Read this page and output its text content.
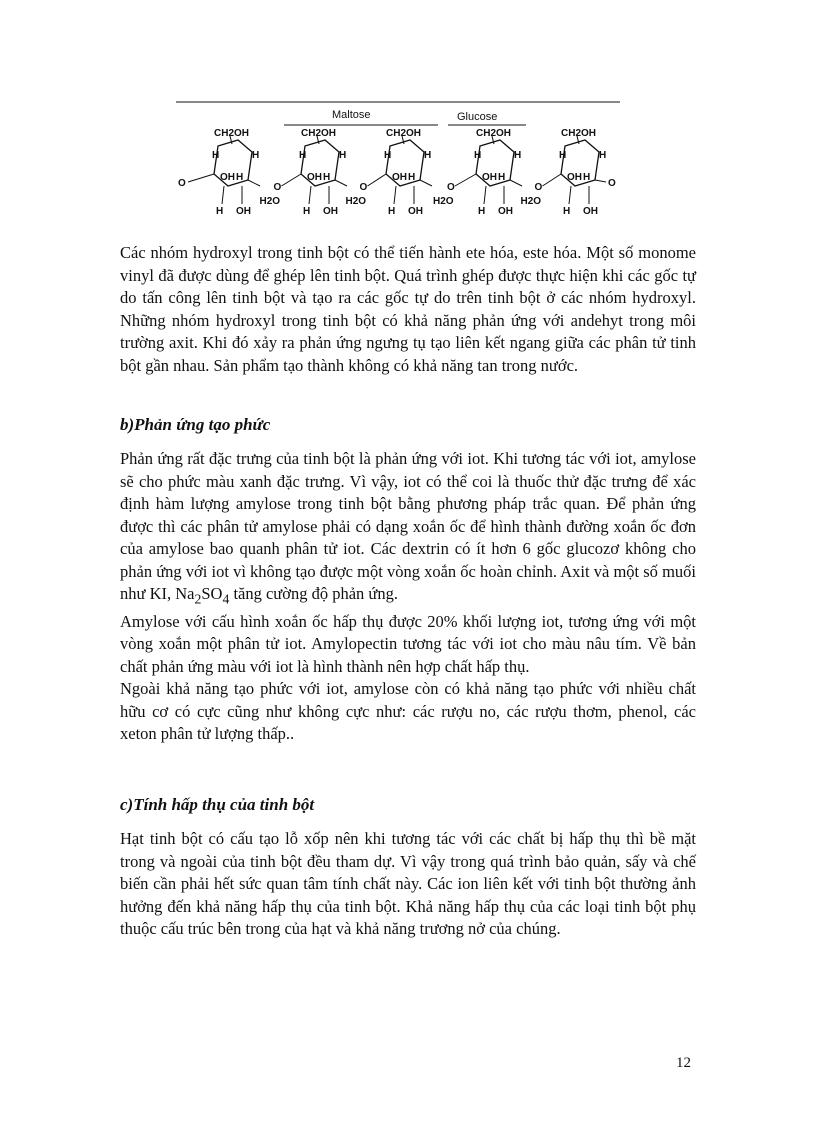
Maltose	Glucose
CH2OH
H	H
OH H
H OH
O
H2O
CH2OH
H	H
OH H
H OH
O
H2O
CH2OH
H	H
OH H
H OH
O
H2O
CH2OH
H	H
OH H
H OH
O
H2O
CH2OH
H	H
OH H
H OH
O	O

Các nhóm hydroxyl trong tinh bột có thể tiến hành ete hóa, este hóa. Một số monome vinyl đã được dùng để ghép lên tinh bột. Quá trình ghép được thực hiện khi các gốc tự do tấn công lên tinh bột và tạo ra các gốc tự do trên tinh bột ở các nhóm hydroxyl. Những nhóm hydroxyl trong tinh bột có khả năng phản ứng với andehyt trong môi trường axit. Khi đó xảy ra phản ứng ngưng tụ tạo liên kết ngang giữa các phân tử tinh bột gần nhau. Sản phẩm tạo thành không có khả năng tan trong nước.

b)Phản ứng tạo phức

Phản ứng rất đặc trưng của tinh bột là phản ứng với iot. Khi tương tác với iot, amylose sẽ cho phức màu xanh đặc trưng. Vì vậy, iot có thể coi là thuốc thử đặc trưng để xác định hàm lượng amylose trong tinh bột bằng phương pháp trắc quan. Để phản ứng được thì các phân tử amylose phải có dạng xoắn ốc để hình thành đường xoắn ốc đơn của amylose bao quanh phân tử iot. Các dextrin có ít hơn 6 gốc glucozơ không cho phản ứng với iot vì không tạo được một vòng xoắn ốc hoàn chỉnh. Axit và một số muối như KI, $Na_2SO_4$ tăng cường độ phản ứng.

Amylose với cấu hình xoắn ốc hấp thụ được 20% khối lượng iot, tương ứng với một vòng xoắn một phân tử iot. Amylopectin tương tác với iot cho màu nâu tím. Về bản chất phản ứng màu với iot là hình thành nên hợp chất hấp thụ.

Ngoài khả năng tạo phức với iot, amylose còn có khả năng tạo phức với nhiều chất hữu cơ có cực cũng như không cực như: các rượu no, các rượu thơm, phenol, các xeton phân tử lượng thấp..

c)Tính hấp thụ của tinh bột

Hạt tinh bột có cấu tạo lỗ xốp nên khi tương tác với các chất bị hấp thụ thì bề mặt trong và ngoài của tinh bột đều tham dự. Vì vậy trong quá trình bảo quản, sấy và chế biến cần phải hết sức quan tâm tính chất này. Các ion liên kết với tinh bột thường ảnh hưởng đến khả năng hấp thụ của tinh bột. Khả năng hấp thụ của các loại tinh bột phụ thuộc cấu trúc bên trong của hạt và khả năng trương nở của chúng.

12
